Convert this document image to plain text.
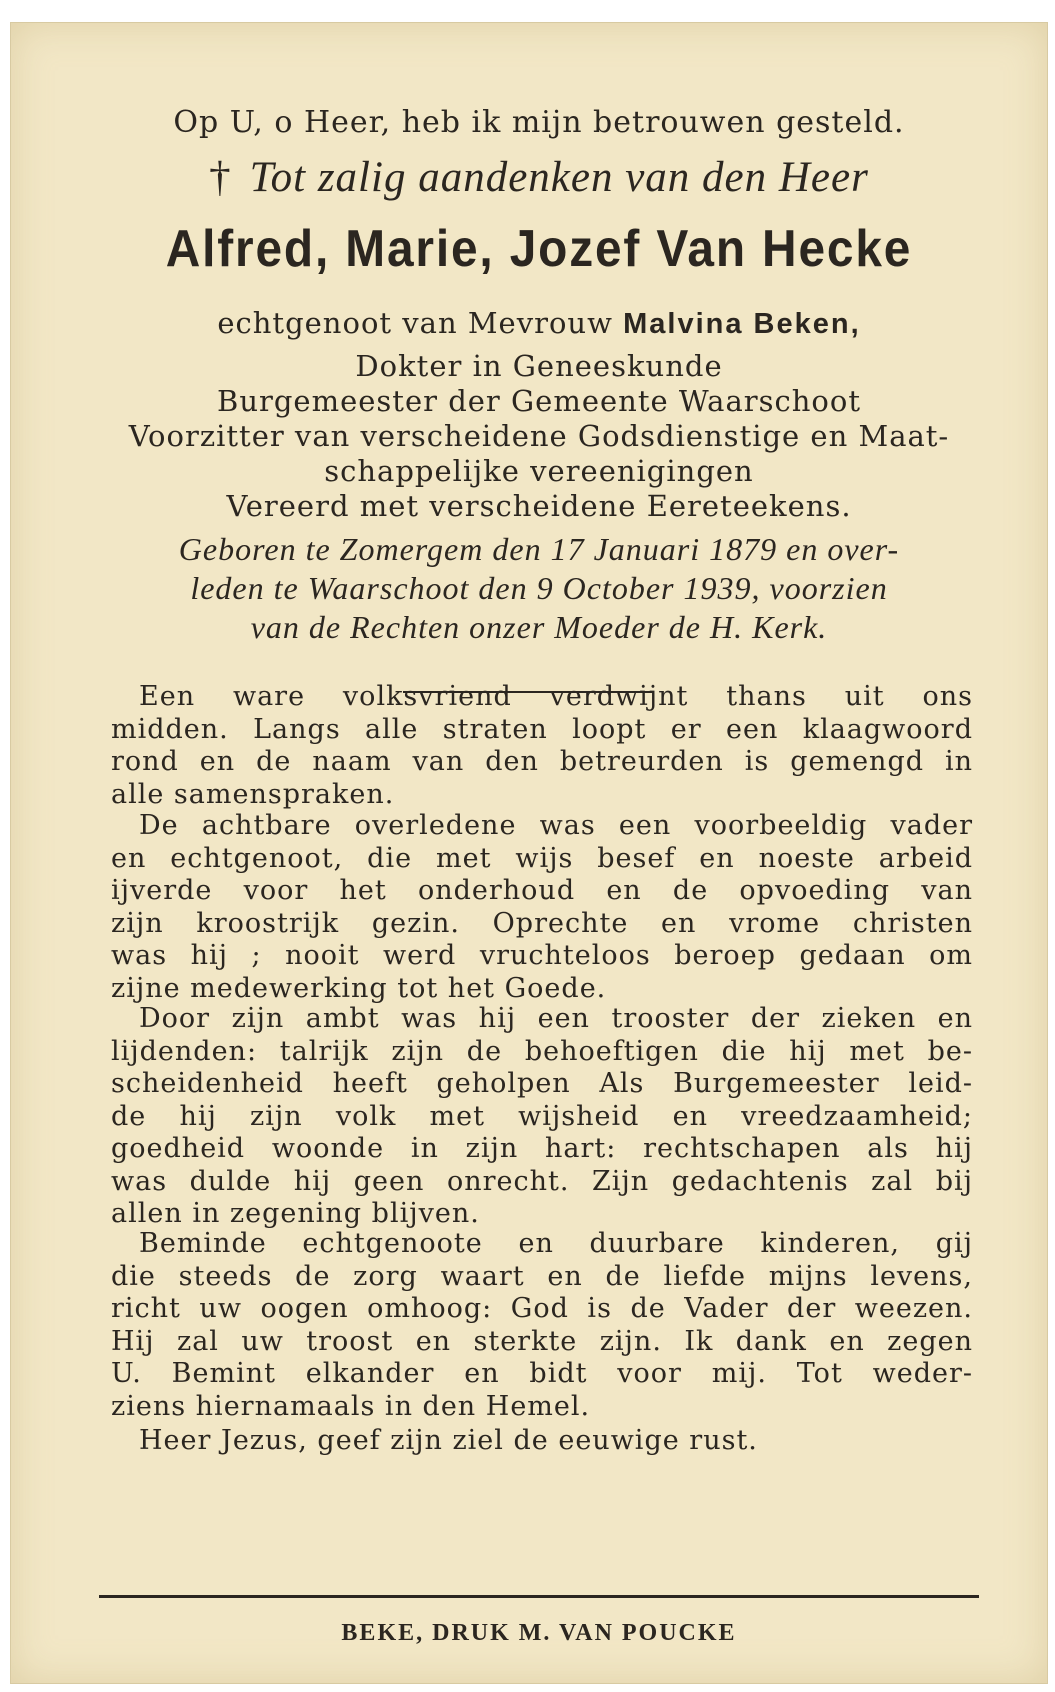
Op U, o Heer, heb ik mijn betrouwen gesteld.

† Tot zalig aandenken van den Heer

Alfred, Marie, Jozef Van Hecke

echtgenoot van Mevrouw Malvina Beken,

Dokter in Geneeskunde

Burgemeester der Gemeente Waarschoot

Voorzitter van verscheidene Godsdienstige en Maat-

schappelijke vereenigingen

Vereerd met verscheidene Eereteekens.

Geboren te Zomergem den 17 Januari 1879 en over-

leden te Waarschoot den 9 October 1939, voorzien

van de Rechten onzer Moeder de H. Kerk.

Een ware volksvriend verdwijnt thans uit ons
midden. Langs alle straten loopt er een klaagwoord
rond en de naam van den betreurden is gemengd in
alle samenspraken.
De achtbare overledene was een voorbeeldig vader
en echtgenoot, die met wijs besef en noeste arbeid
ijverde voor het onderhoud en de opvoeding van
zijn kroostrijk gezin. Oprechte en vrome christen
was hij ; nooit werd vruchteloos beroep gedaan om
zijne medewerking tot het Goede.
Door zijn ambt was hij een trooster der zieken en
lijdenden: talrijk zijn de behoeftigen die hij met be-
scheidenheid heeft geholpen Als Burgemeester leid-
de hij zijn volk met wijsheid en vreedzaamheid;
goedheid woonde in zijn hart: rechtschapen als hij
was dulde hij geen onrecht. Zijn gedachtenis zal bij
allen in zegening blijven.
Beminde echtgenoote en duurbare kinderen, gij
die steeds de zorg waart en de liefde mijns levens,
richt uw oogen omhoog: God is de Vader der weezen.
Hij zal uw troost en sterkte zijn. Ik dank en zegen
U. Bemint elkander en bidt voor mij. Tot weder-
ziens hiernamaals in den Hemel.
Heer Jezus, geef zijn ziel de eeuwige rust.

BEKE, DRUK M. VAN POUCKE
